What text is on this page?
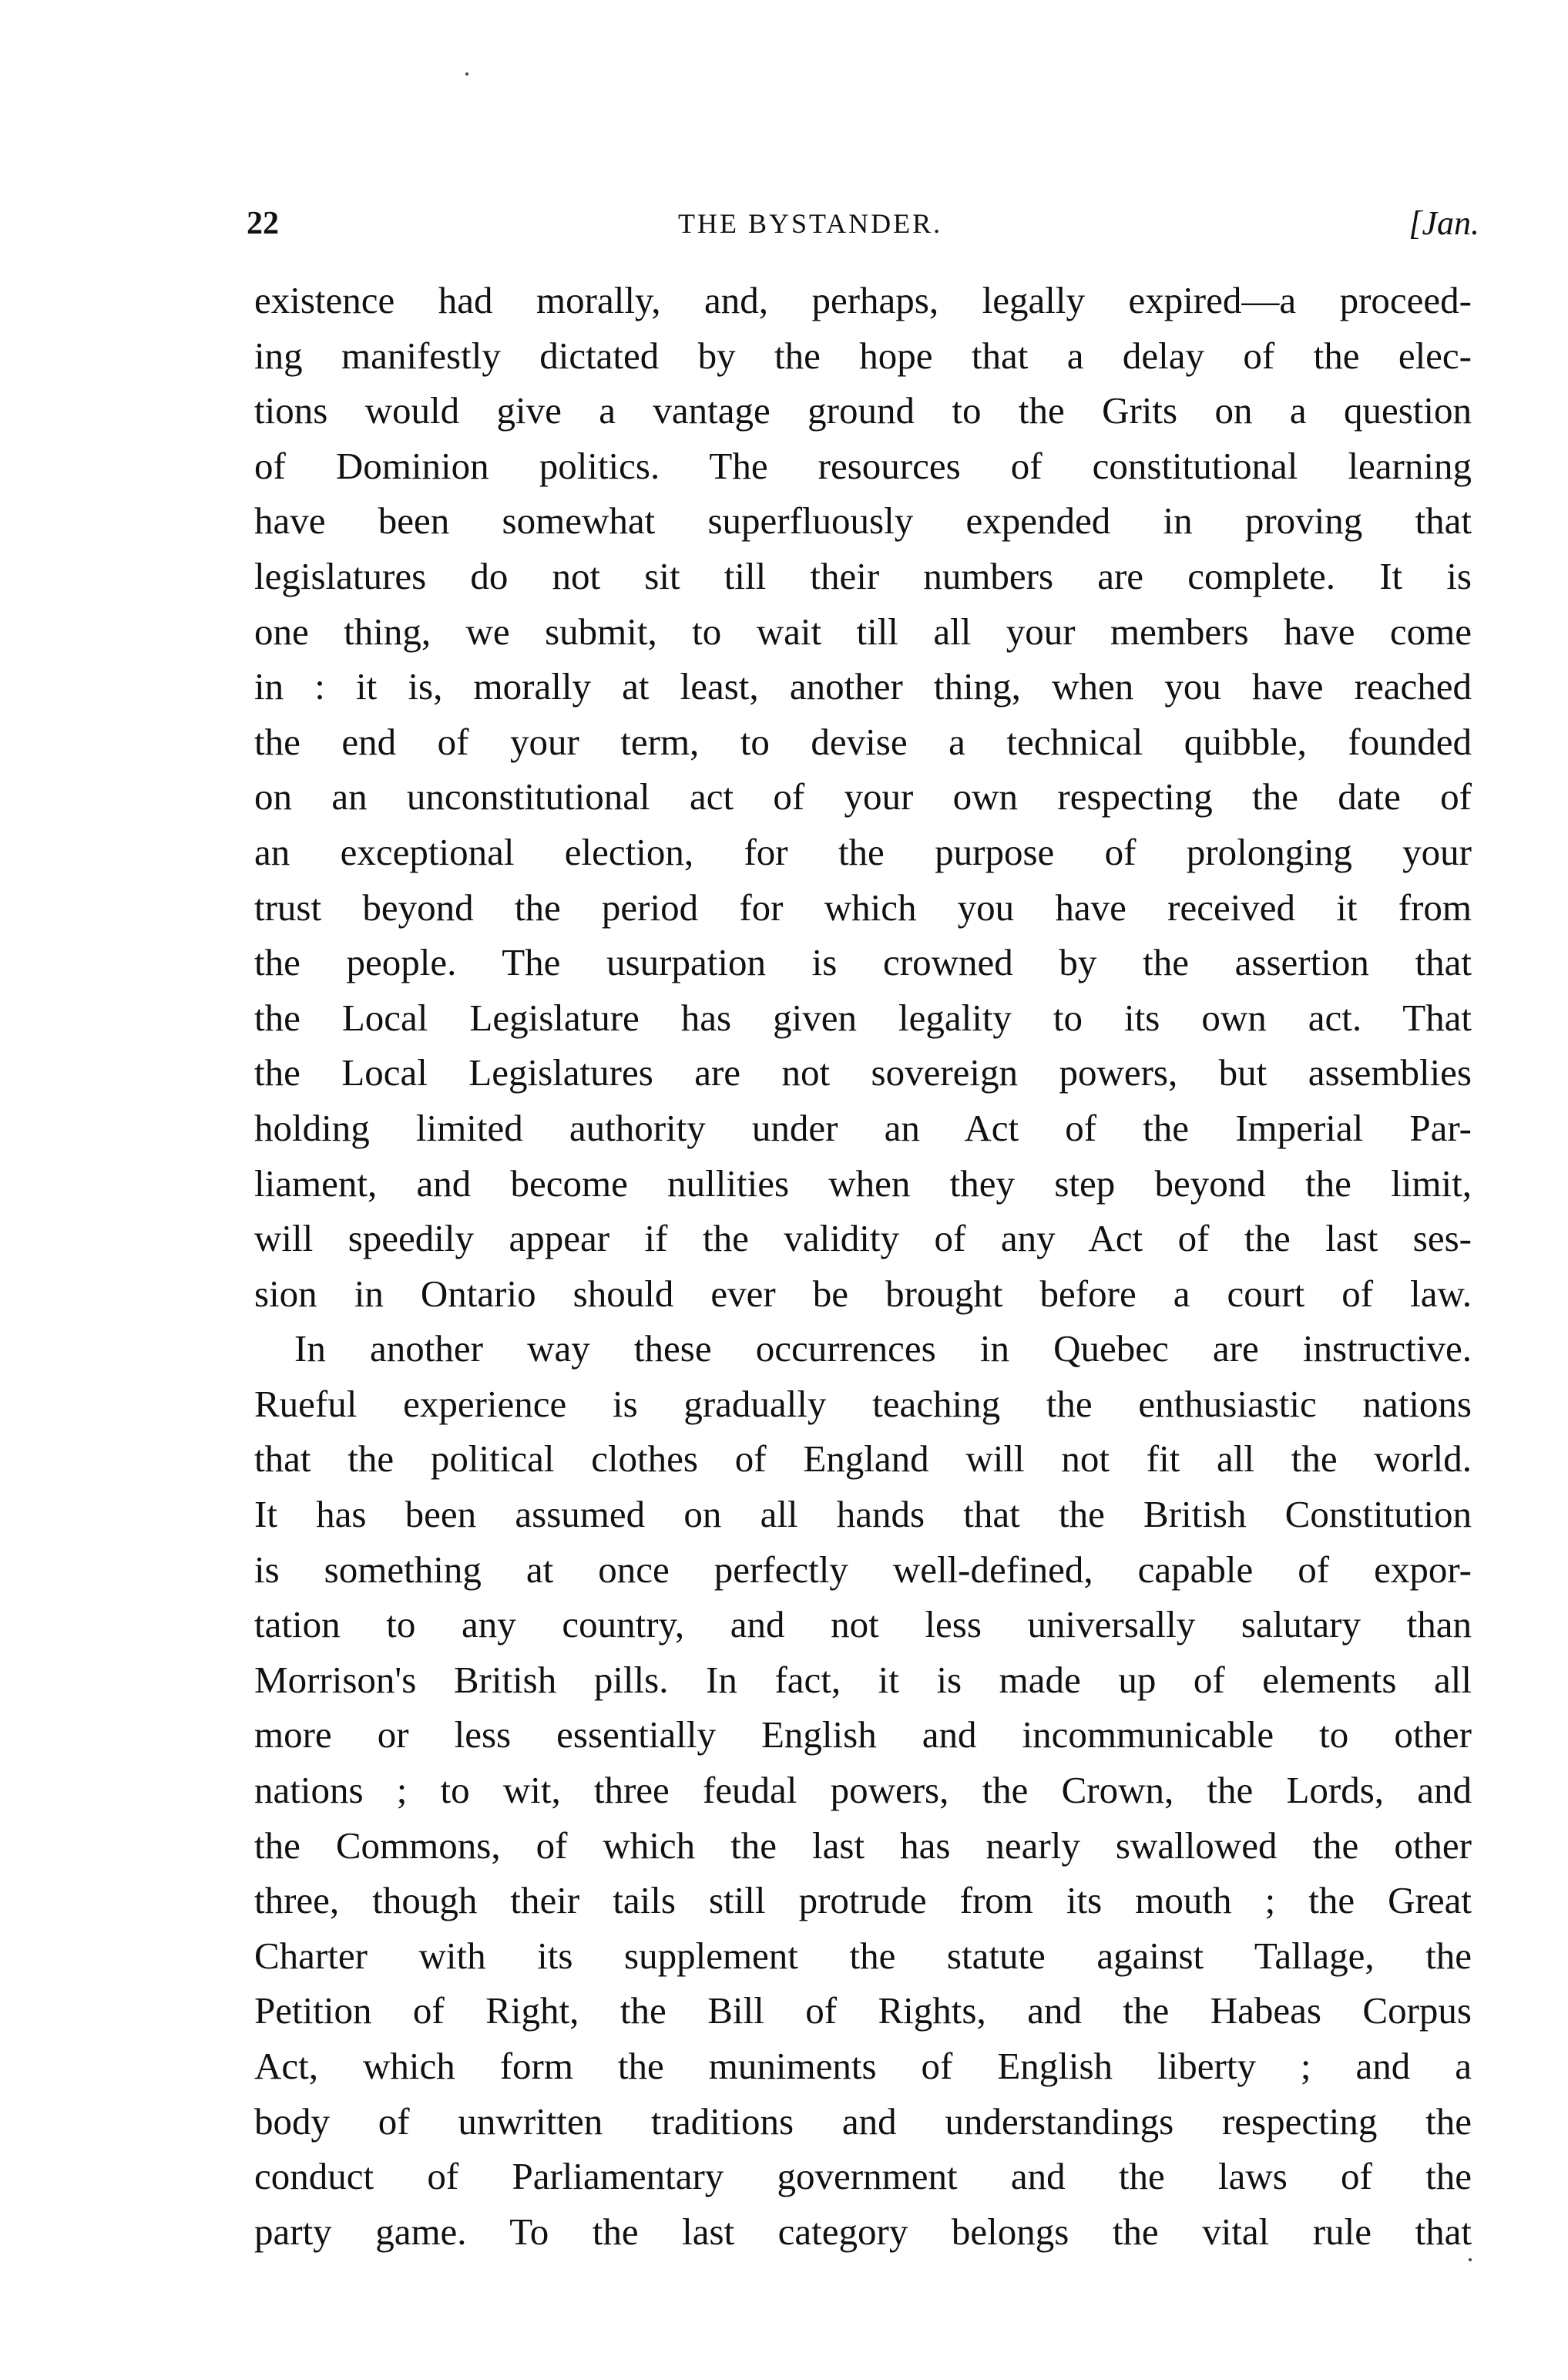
22	THE BYSTANDER.	[Jan.
existence had morally, and, perhaps, legally expired—a proceed-
ing manifestly dictated by the hope that a delay of the elec-
tions would give a vantage ground to the Grits on a question
of Dominion politics. The resources of constitutional learning
have been somewhat superfluously expended in proving that
legislatures do not sit till their numbers are complete. It is
one thing, we submit, to wait till all your members have come
in : it is, morally at least, another thing, when you have reached
the end of your term, to devise a technical quibble, founded
on an unconstitutional act of your own respecting the date of
an exceptional election, for the purpose of prolonging your
trust beyond the period for which you have received it from
the people. The usurpation is crowned by the assertion that
the Local Legislature has given legality to its own act. That
the Local Legislatures are not sovereign powers, but assemblies
holding limited authority under an Act of the Imperial Par-
liament, and become nullities when they step beyond the limit,
will speedily appear if the validity of any Act of the last ses-
sion in Ontario should ever be brought before a court of law.
In another way these occurrences in Quebec are instructive.
Rueful experience is gradually teaching the enthusiastic nations
that the political clothes of England will not fit all the world.
It has been assumed on all hands that the British Constitution
is something at once perfectly well-defined, capable of expor-
tation to any country, and not less universally salutary than
Morrison's British pills. In fact, it is made up of elements all
more or less essentially English and incommunicable to other
nations ; to wit, three feudal powers, the Crown, the Lords, and
the Commons, of which the last has nearly swallowed the other
three, though their tails still protrude from its mouth ; the Great
Charter with its supplement the statute against Tallage, the
Petition of Right, the Bill of Rights, and the Habeas Corpus
Act, which form the muniments of English liberty ; and a
body of unwritten traditions and understandings respecting the
conduct of Parliamentary government and the laws of the
party game. To the last category belongs the vital rule that
